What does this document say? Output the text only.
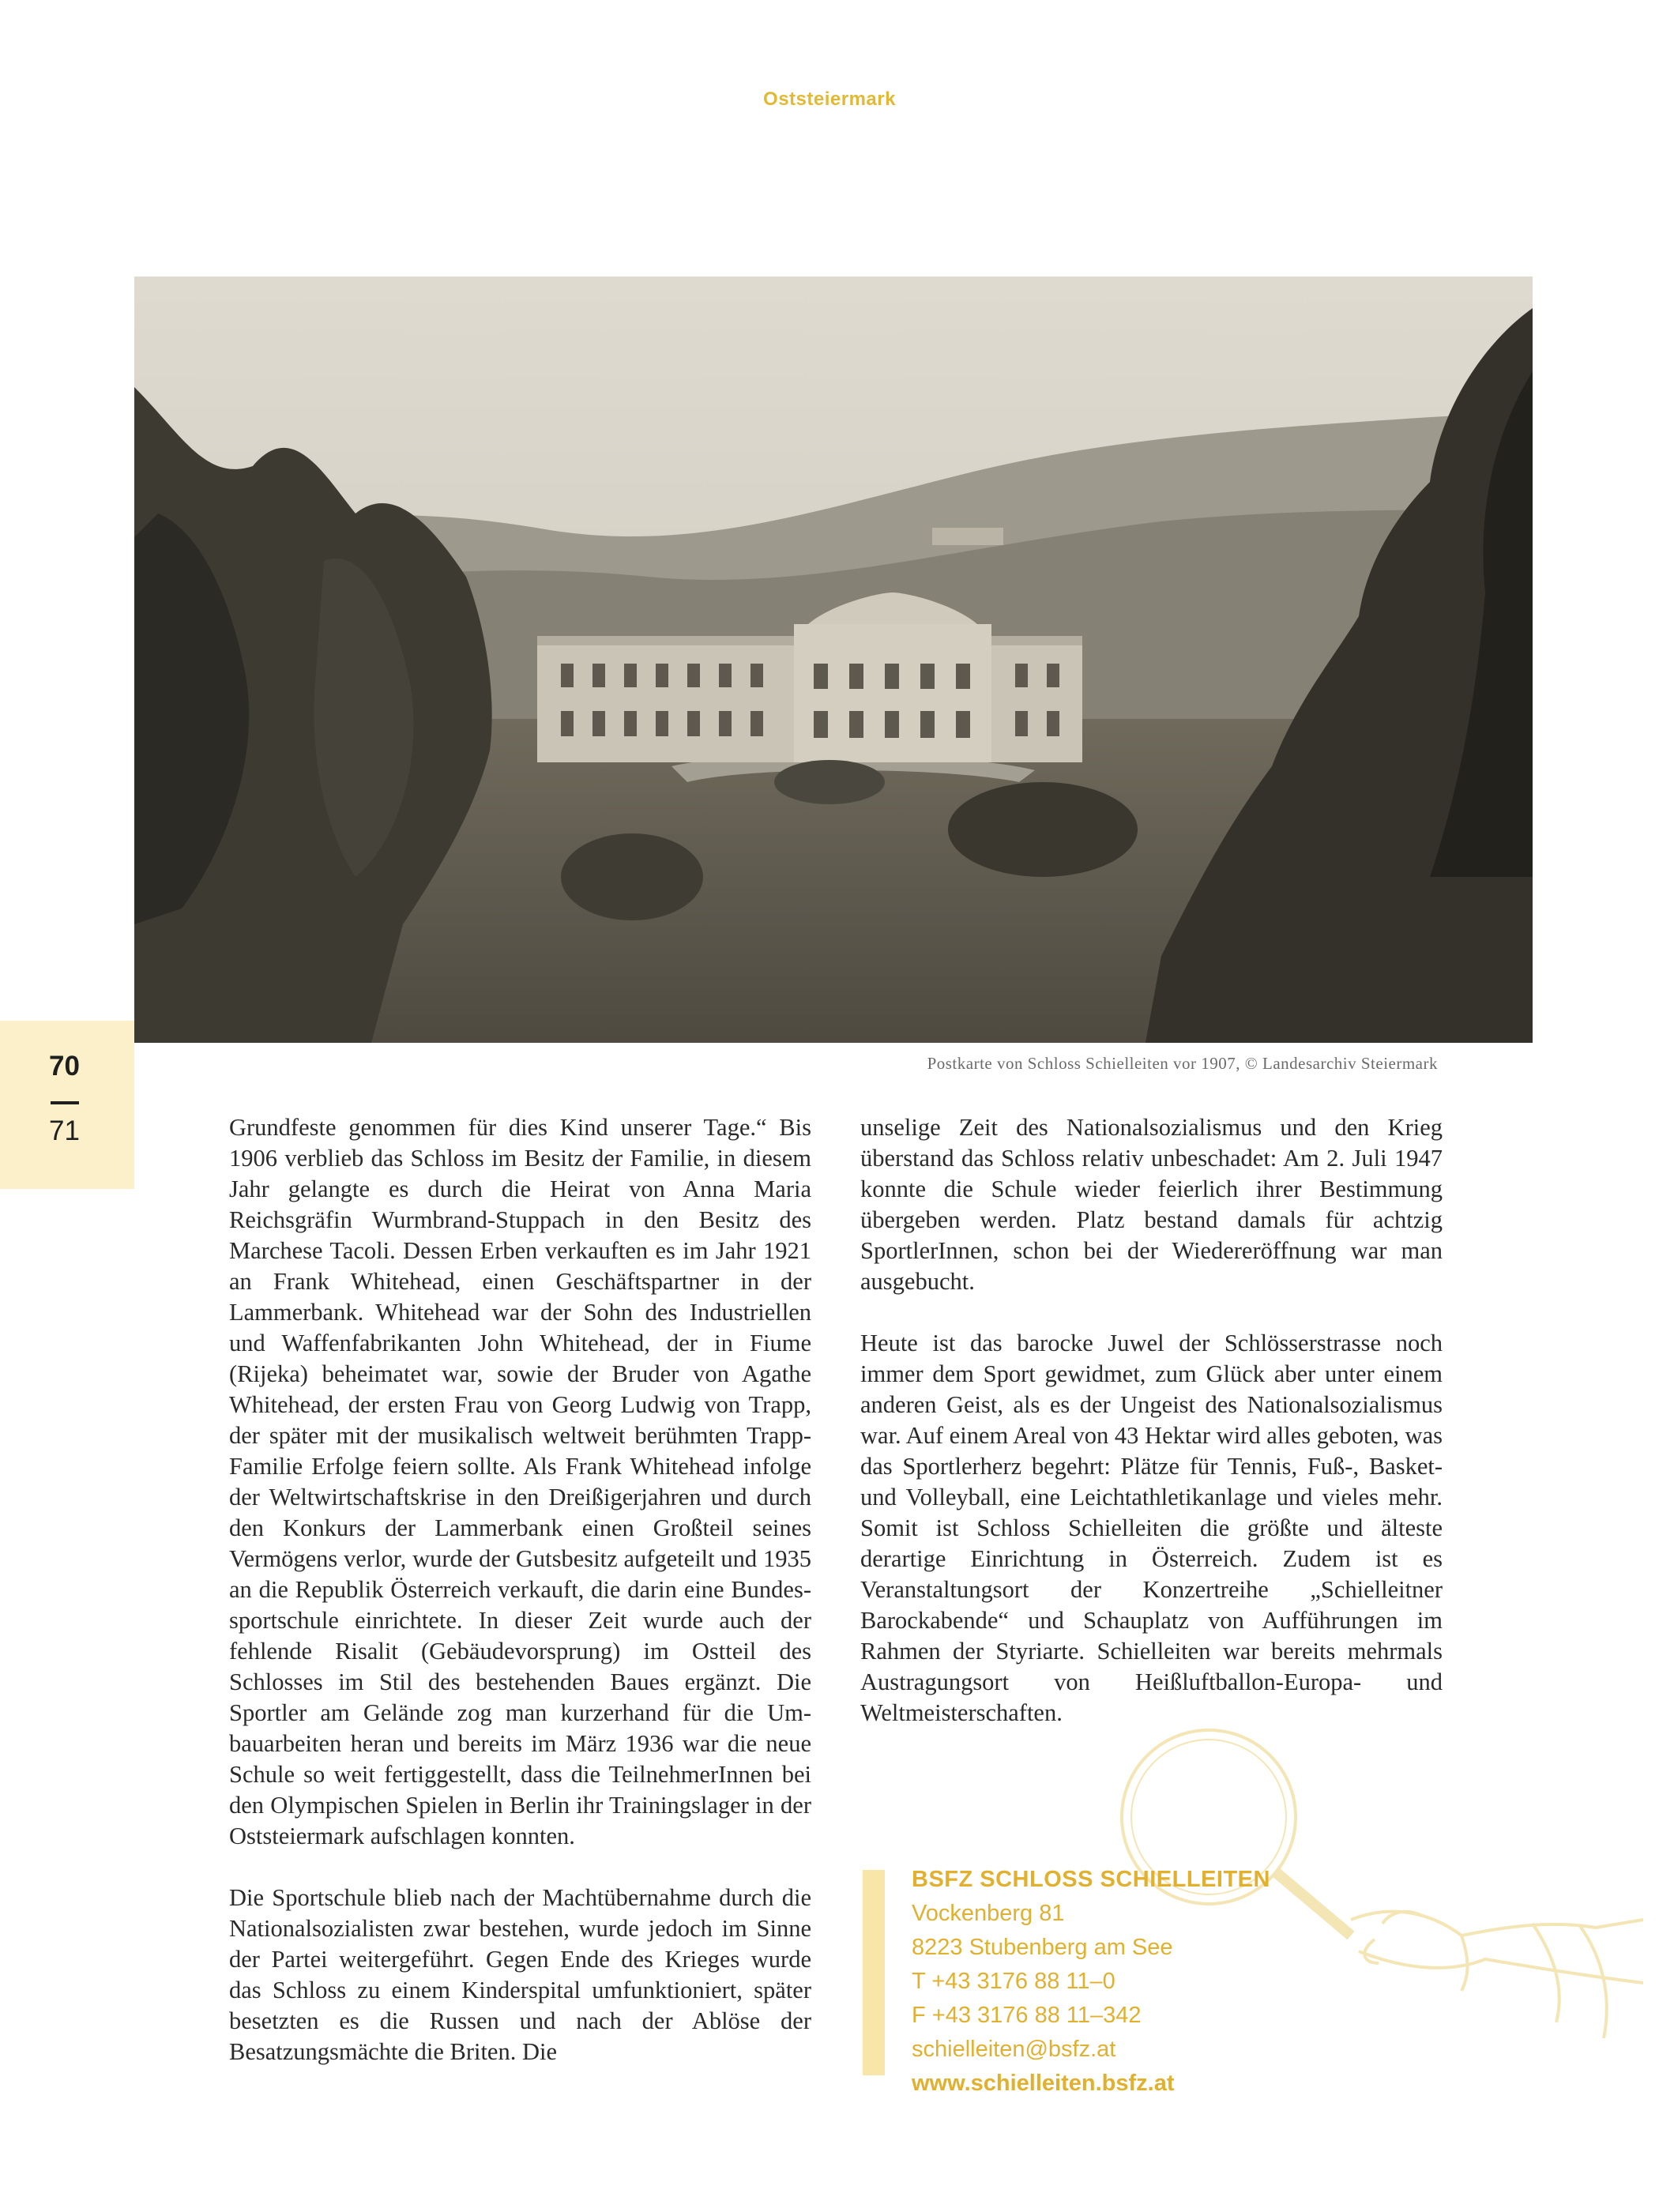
Oststeiermark
Postkarte von Schloss Schielleiten vor 1907, © Landesarchiv Steiermark
70
71	Grundfeste genommen für dies Kind unserer Tage.“ Bis 1906 verblieb das Schloss im Besitz der Familie, in diesem Jahr gelangte es durch die Heirat von Anna Maria Reichsgräfin Wurmbrand-Stuppach in den Besitz des Marchese Tacoli. Dessen Erben verkauften es im Jahr 1921 an Frank Whitehead, einen Geschäftspartner in der Lammerbank. Whitehead war der Sohn des Industriellen und Waffenfabrikanten John Whitehead, der in Fiume (Rijeka) beheimatet war, sowie der Bruder von Agathe Whitehead, der ersten Frau von Georg Ludwig von Trapp, der später mit der musikalisch weltweit berühmten Trapp-Familie Erfolge feiern sollte. Als Frank Whitehead infolge der Weltwirtschaftskrise in den Dreißigerjahren und durch den Konkurs der Lammerbank einen Großteil seines Vermögens verlor, wurde der Gutsbesitz aufgeteilt und 1935 an die Republik Österreich verkauft, die darin eine Bundessportschule einrichtete. In dieser Zeit wurde auch der fehlende Risalit (Gebäudevorsprung) im Ostteil des Schlosses im Stil des bestehenden Baues ergänzt. Die Sportler am Gelände zog man kurzerhand für die Umbauarbeiten heran und bereits im März 1936 war die neue Schule so weit fertiggestellt, dass die TeilnehmerInnen bei den Olympischen Spielen in Berlin ihr Trainingslager in der Oststeiermark aufschlagen konnten.

Die Sportschule blieb nach der Machtübernahme durch die Nationalsozialisten zwar bestehen, wurde jedoch im Sinne der Partei weitergeführt. Gegen Ende des Krieges wurde das Schloss zu einem Kinderspital umfunktioniert, später besetzten es die Russen und nach der Ablöse der Besatzungsmächte die Briten. Die

unselige Zeit des Nationalsozialismus und den Krieg überstand das Schloss relativ unbeschadet: Am 2. Juli 1947 konnte die Schule wieder feierlich ihrer Bestimmung übergeben werden. Platz bestand damals für achtzig SportlerInnen, schon bei der Wiedereröffnung war man ausgebucht.

Heute ist das barocke Juwel der Schlösserstrasse noch immer dem Sport gewidmet, zum Glück aber unter einem anderen Geist, als es der Ungeist des Nationalsozialismus war. Auf einem Areal von 43 Hektar wird alles geboten, was das Sportlerherz begehrt: Plätze für Tennis, Fuß-, Basket- und Volleyball, eine Leichtathletikanlage und vieles mehr. Somit ist Schloss Schielleiten die größte und älteste derartige Einrichtung in Österreich. Zudem ist es Veranstaltungsort der Konzertreihe „Schielleitner Barockabende“ und Schauplatz von Aufführungen im Rahmen der Styriarte. Schielleiten war bereits mehrmals Austragungsort von Heißluftballon-Europa- und Weltmeisterschaften.

BSFZ SCHLOSS SCHIELLEITEN
Vockenberg 81
8223 Stubenberg am See
T +43 3176 88 11–0
F +43 3176 88 11–342
schielleiten@bsfz.at
www.schielleiten.bsfz.at
